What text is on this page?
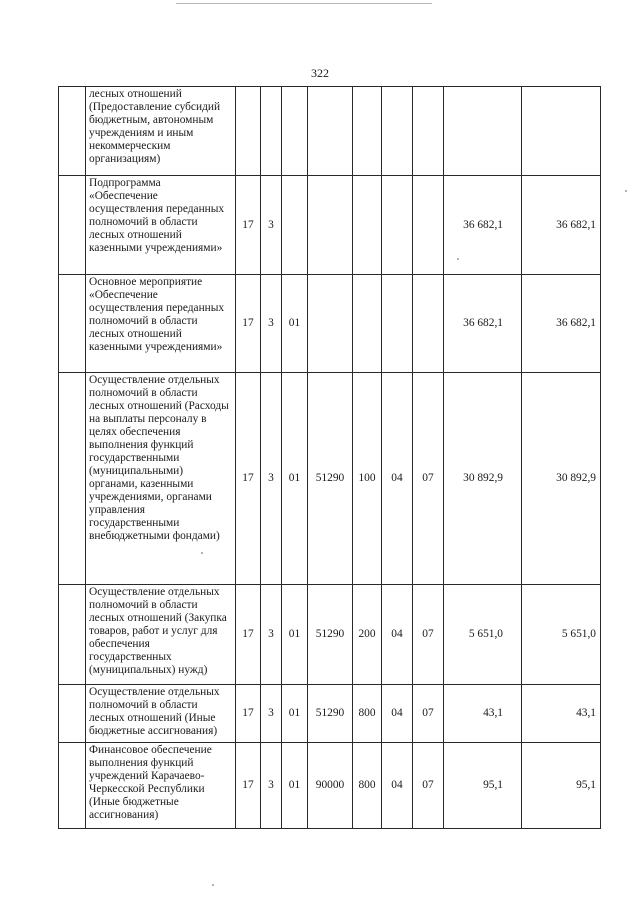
322
	лесных отношений (Предоставление субсидий бюджетным, автономным учреждениям и иным некоммерческим организациям)									
	Подпрограмма «Обеспечение осуществления переданных полномочий в области лесных отношений казенными учреждениями»	17	3						36 682,1	36 682,1
	Основное мероприятие «Обеспечение осуществления переданных полномочий в области лесных отношений казенными учреждениями»	17	3	01					36 682,1	36 682,1
	Осуществление отдельных полномочий в области лесных отношений (Расходы на выплаты персоналу в целях обеспечения выполнения функций государственными (муниципальными) органами, казенными учреждениями, органами управления государственными внебюджетными фондами)	17	3	01	51290	100	04	07	30 892,9	30 892,9
	Осуществление отдельных полномочий в области лесных отношений (Закупка товаров, работ и услуг для обеспечения государственных (муниципальных) нужд)	17	3	01	51290	200	04	07	5 651,0	5 651,0
	Осуществление отдельных полномочий в области лесных отношений (Иные бюджетные ассигнования)	17	3	01	51290	800	04	07	43,1	43,1
	Финансовое обеспечение выполнения функций учреждений Карачаево-Черкесской Республики (Иные бюджетные ассигнования)	17	3	01	90000	800	04	07	95,1	95,1
